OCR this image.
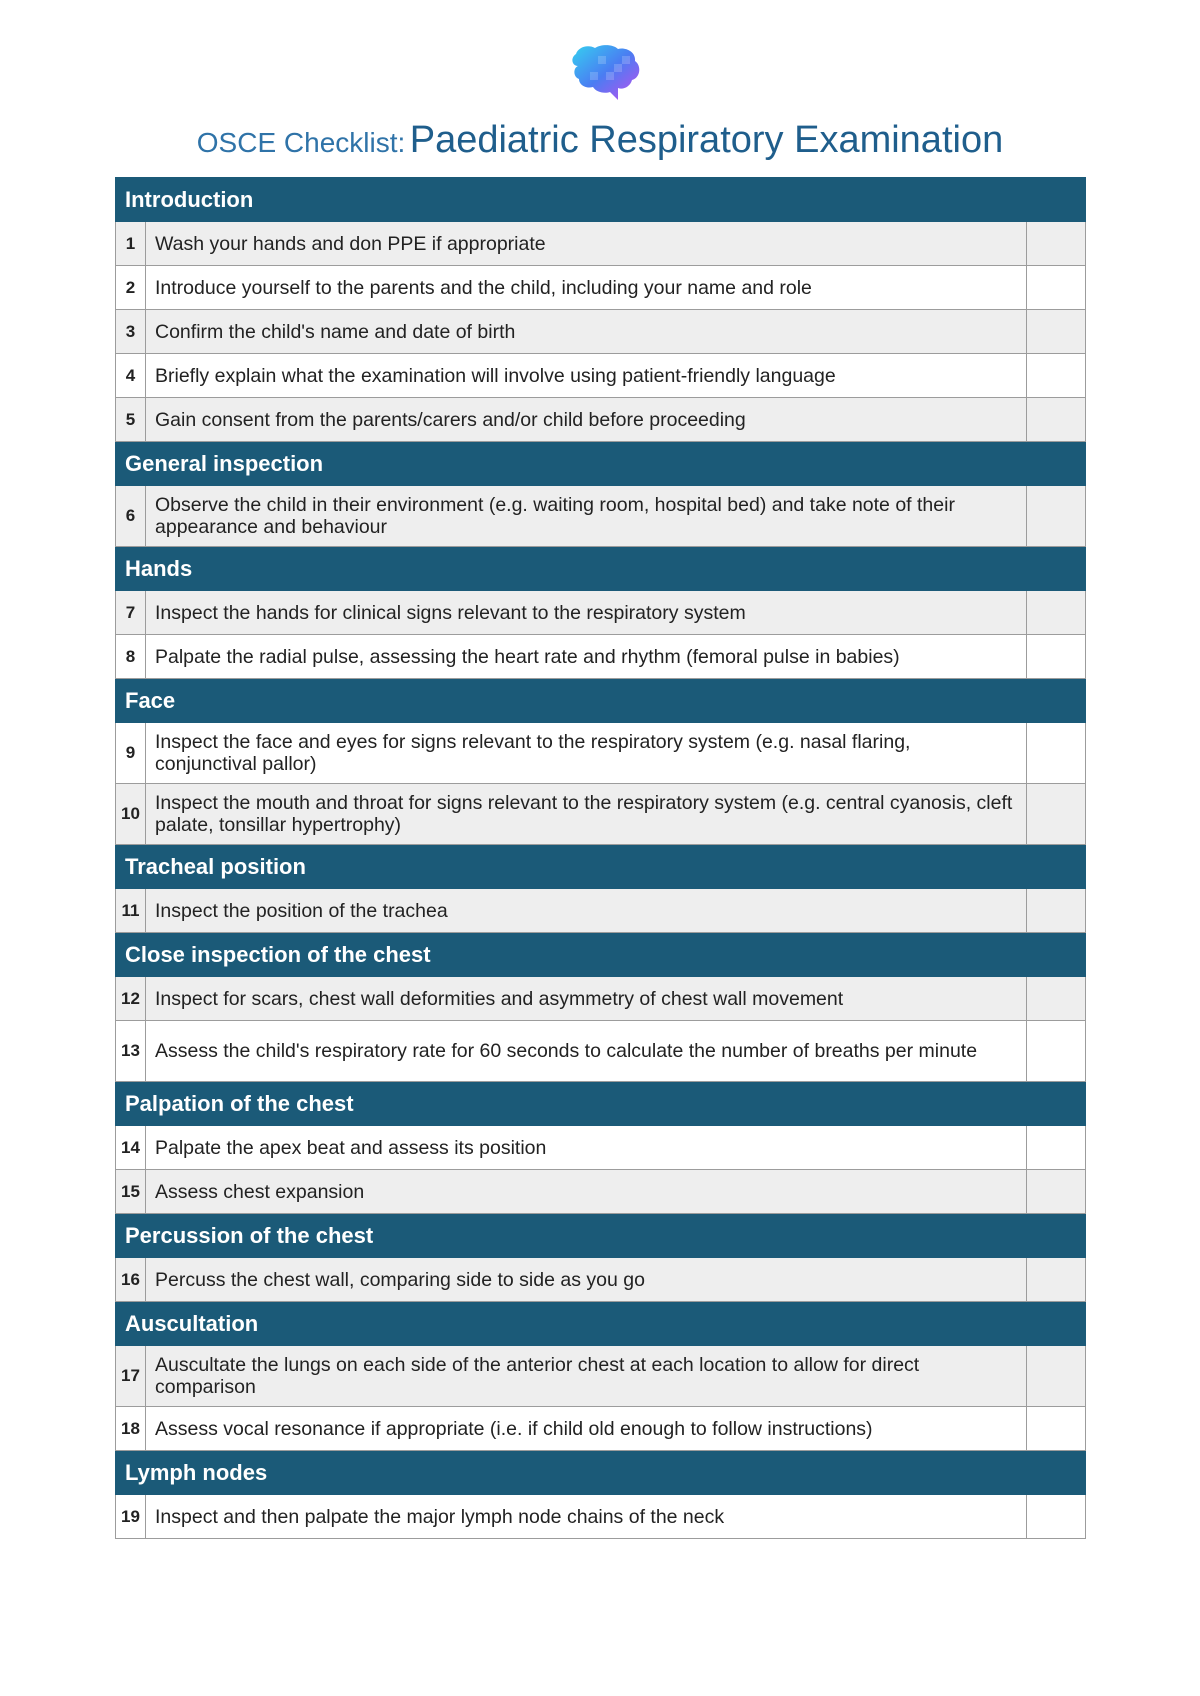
OSCE Checklist: Paediatric Respiratory Examination
Introduction		
1	Wash your hands and don PPE if appropriate	
2	Introduce yourself to the parents and the child, including your name and role	
3	Confirm the child's name and date of birth	
4	Briefly explain what the examination will involve using patient-friendly language	
5	Gain consent from the parents/carers and/or child before proceeding	
General inspection		
6	Observe the child in their environment (e.g. waiting room, hospital bed) and take note of their appearance and behaviour	
Hands		
7	Inspect the hands for clinical signs relevant to the respiratory system	
8	Palpate the radial pulse, assessing the heart rate and rhythm (femoral pulse in babies)	
Face		
9	Inspect the face and eyes for signs relevant to the respiratory system (e.g. nasal flaring, conjunctival pallor)	
10	Inspect the mouth and throat for signs relevant to the respiratory system (e.g. central cyanosis, cleft palate, tonsillar hypertrophy)	
Tracheal position		
11	Inspect the position of the trachea	
Close inspection of the chest		
12	Inspect for scars, chest wall deformities and asymmetry of chest wall movement	
13	Assess the child's respiratory rate for 60 seconds to calculate the number of breaths per minute	
Palpation of the chest		
14	Palpate the apex beat and assess its position	
15	Assess chest expansion	
Percussion of the chest		
16	Percuss the chest wall, comparing side to side as you go	
Auscultation		
17	Auscultate the lungs on each side of the anterior chest at each location to allow for direct comparison	
18	Assess vocal resonance if appropriate (i.e. if child old enough to follow instructions)	
Lymph nodes		
19	Inspect and then palpate the major lymph node chains of the neck	
